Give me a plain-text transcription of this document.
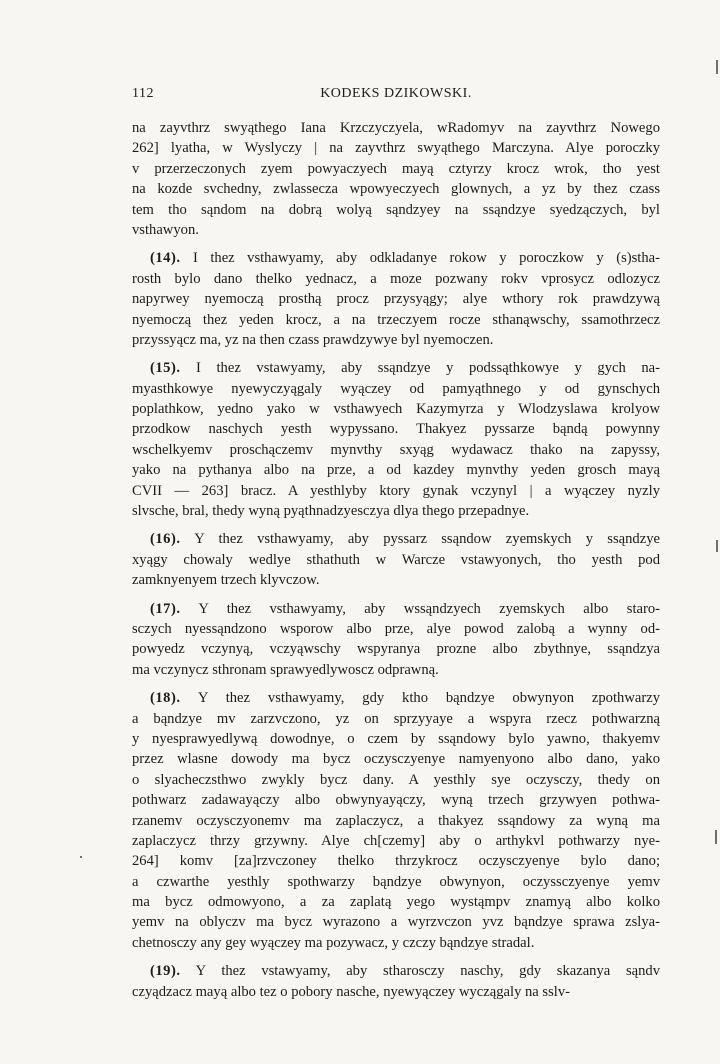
112	KODEKS DZIKOWSKI.
na zayvthrz swyąthego Iana Krzczyczyela, wRadomyv na zayvthrz Nowego
262] lyatha, w Wyslyczy | na zayvthrz swyąthego Marczyna. Alye poroczky
v przerzeczonych zyem powyaczyech mayą cztyrzy krocz wrok, tho yest
na kozde svchedny, zwlassecza wpowyeczyech glownych, a yz by thez czass
tem tho sąndom na dobrą wolyą sąndzyey na ssąndzye syedzączych, byl
vsthawyon.
(14). I thez vsthawyamy, aby odkladanye rokow y poroczkow y (s)stha-
rosth bylo dano thelko yednacz, a moze pozwany rokv vprosycz odlozycz
napyrwey nyemoczą prosthą procz przysyągy; alye wthory rok prawdzywą
nyemoczą thez yeden krocz, a na trzeczyem rocze sthanąwschy, ssamothrzecz
przyssyącz ma, yz na then czass prawdzywye byl nyemoczen.
(15). I thez vstawyamy, aby ssąndzye y podssąthkowye y gych na-
myasthkowye nyewyczyągaly wyączey od pamyąthnego y od gynschych
poplathkow, yedno yako w vsthawyech Kazymyrza y Wlodzyslawa krolyow
przodkow naschych yesth wypyssano. Thakyez pyssarze bąndą powynny
wschelkyemv proschączemv mynvthy sxyąg wydawacz thako na zapyssy,
yako na pythanya albo na prze, a od kazdey mynvthy yeden grosch mayą
CVII — 263] bracz. A yesthlyby ktory gynak vczynyl | a wyączey nyzly
slvsche, bral, thedy wyną pyąthnadzyesczya dlya thego przepadnye.
(16). Y thez vsthawyamy, aby pyssarz ssąndow zyemskych y ssąndzye
xyągy chowaly wedlye sthathuth w Warcze vstawyonych, tho yesth pod
zamknyenyem trzech klyvczow.
(17). Y thez vsthawyamy, aby wssąndzyech zyemskych albo staro-
sczych nyessąndzono wsporow albo prze, alye powod zalobą a wynny od-
powyedz vczynyą, vczyąwschy wspyranya prozne albo zbythnye, ssąndzya
ma vczynycz sthronam sprawyedlywoscz odprawną.
(18). Y thez vsthawyamy, gdy ktho bąndzye obwynyon zpothwarzy
a bąndzye mv zarzvczono, yz on sprzyyaye a wspyra rzecz pothwarzną
y nyesprawyedlywą dowodnye, o czem by ssąndowy bylo yawno, thakyemv
przez wlasne dowody ma bycz oczysczyenye namyenyono albo dano, yako
o slyacheczsthwo zwykly bycz dany. A yesthly sye oczysczy, thedy on
pothwarz zadawayączy albo obwynyayączy, wyną trzech grzywyen pothwa-
rzanemv oczysczyonemv ma zaplaczycz, a thakyez ssąndowy za wyną ma
zaplaczycz thrzy grzywny. Alye ch[czemy] aby o arthykvl pothwarzy nye-
264] komv [za]rzvczoney thelko thrzykrocz oczysczyenye bylo dano;
a czwarthe yesthly spothwarzy bąndzye obwynyon, oczyssczyenye yemv
ma bycz odmowyono, a za zaplatą yego wystąmpv znamyą albo kolko
yemv na oblyczv ma bycz wyrazono a wyrzvczon yvz bąndzye sprawa zslya-
chetnosczy any gey wyączey ma pozywacz, y czczy bąndzye stradal.
(19). Y thez vstawyamy, aby stharosczy naschy, gdy skazanya sąndv
czyądzacz mayą albo tez o pobory nasche, nyewyączey wyczągaly na sslv-
